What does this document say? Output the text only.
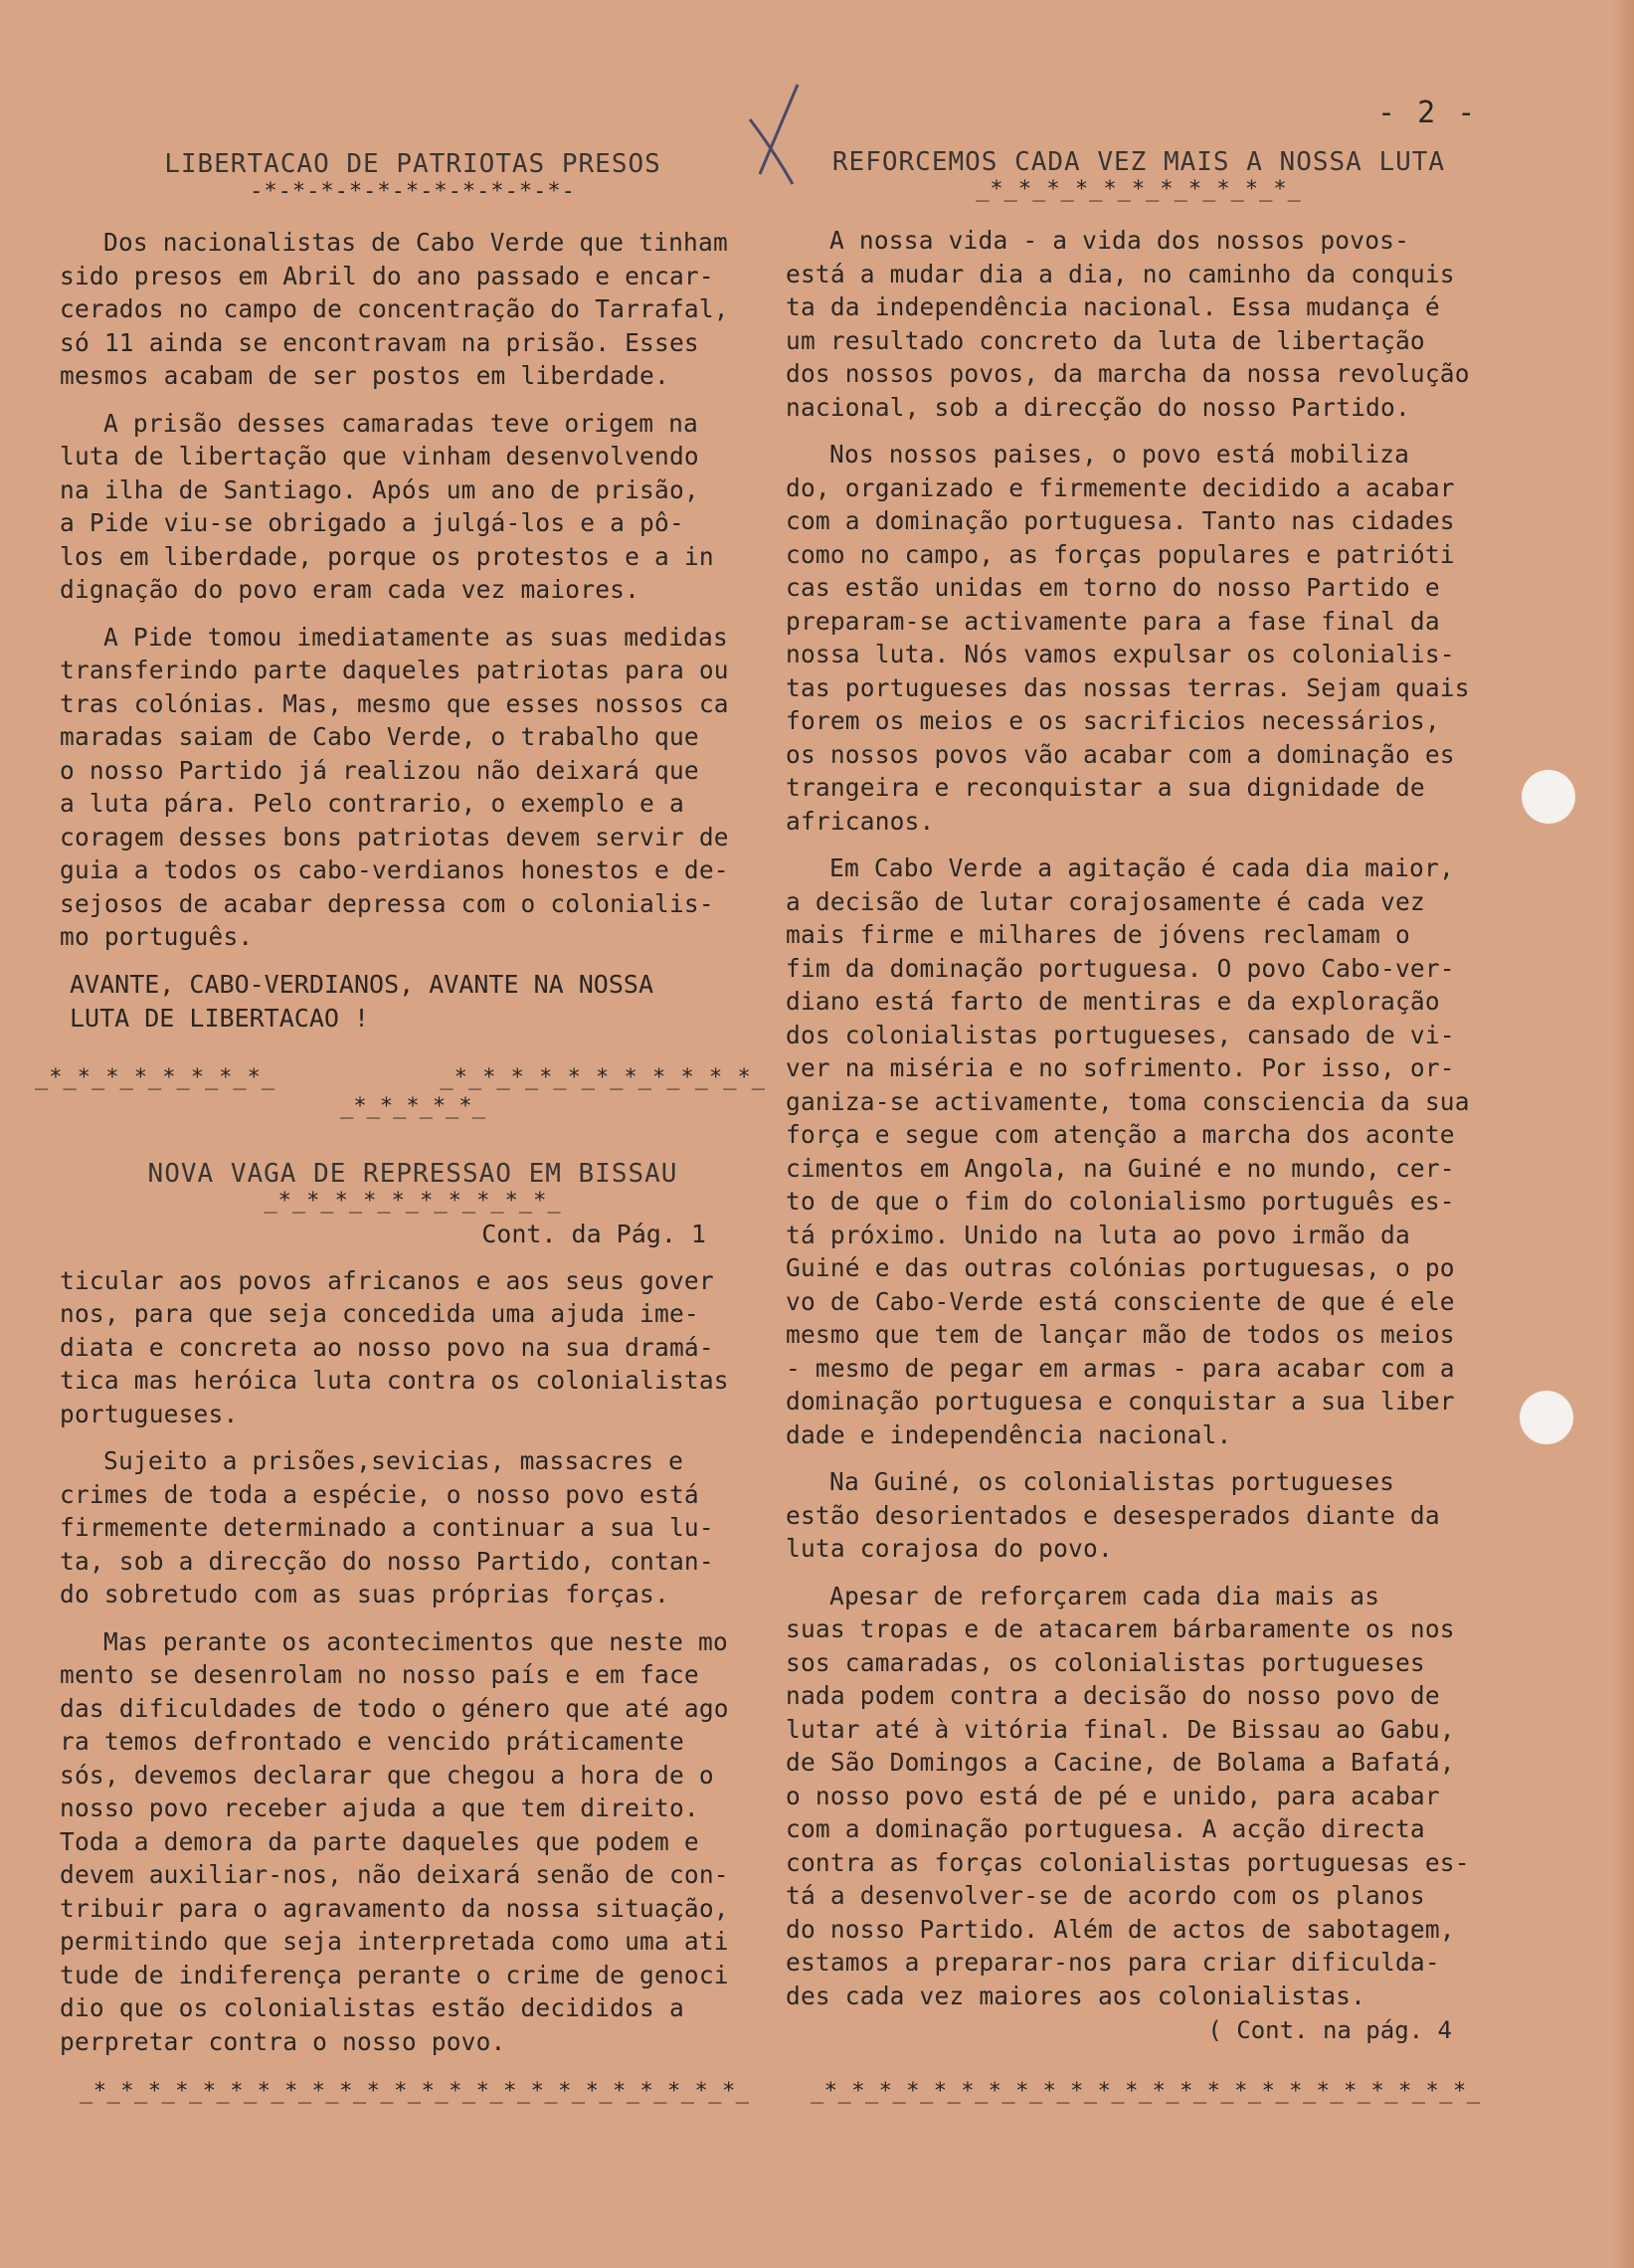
- 2 -
LIBERTACAO DE PATRIOTAS PRESOS

-*-*-*-*-*-*-*-*-*-*-*-

Dos nacionalistas de Cabo Verde que tinham
sido presos em Abril do ano passado e encar-
cerados no campo de concentração do Tarrafal,
só 11 ainda se encontravam na prisão. Esses
mesmos acabam de ser postos em liberdade.

A prisão desses camaradas teve origem na
luta de libertação que vinham desenvolvendo
na ilha de Santiago. Após um ano de prisão,
a Pide viu-se obrigado a julgá-los e a pô-
los em liberdade, porque os protestos e a in
dignação do povo eram cada vez maiores.

A Pide tomou imediatamente as suas medidas
transferindo parte daqueles patriotas para ou
tras colónias. Mas, mesmo que esses nossos ca
maradas saiam de Cabo Verde, o trabalho que
o nosso Partido já realizou não deixará que
a luta pára. Pelo contrario, o exemplo e a
coragem desses bons patriotas devem servir de
guia a todos os cabo-verdianos honestos e de-
sejosos de acabar depressa com o colonialis-
mo português.

AVANTE, CABO-VERDIANOS, AVANTE NA NOSSA
LUTA DE LIBERTACAO !

_*_*_*_*_*_*_*_*_	_*_*_*_*_*_*_*_*_*_*_*_

_*_*_*_*_*_

NOVA VAGA DE REPRESSAO EM BISSAU

_*_*_*_*_*_*_*_*_*_*_

Cont. da Pág. 1

ticular aos povos africanos e aos seus gover
nos, para que seja concedida uma ajuda ime-
diata e concreta ao nosso povo na sua dramá-
tica mas heróica luta contra os colonialistas
portugueses.

Sujeito a prisões,sevicias, massacres e
crimes de toda a espécie, o nosso povo está
firmemente determinado a continuar a sua lu-
ta, sob a direcção do nosso Partido, contan-
do sobretudo com as suas próprias forças.

Mas perante os acontecimentos que neste mo
mento se desenrolam no nosso país e em face
das dificuldades de todo o género que até ago
ra temos defrontado e vencido práticamente
sós, devemos declarar que chegou a hora de o
nosso povo receber ajuda a que tem direito.
Toda a demora da parte daqueles que podem e
devem auxiliar-nos, não deixará senão de con-
tribuir para o agravamento da nossa situação,
permitindo que seja interpretada como uma ati
tude de indiferença perante o crime de genoci
dio que os colonialistas estão decididos a
perpretar contra o nosso povo.

_*_*_*_*_*_*_*_*_*_*_*_*_*_*_*_*_*_*_*_*_*_*_*_*_
REFORCEMOS CADA VEZ MAIS A NOSSA LUTA

_*_*_*_*_*_*_*_*_*_*_*_

A nossa vida - a vida dos nossos povos-
está a mudar dia a dia, no caminho da conquis
ta da independência nacional. Essa mudança é
um resultado concreto da luta de libertação
dos nossos povos, da marcha da nossa revolução
nacional, sob a direcção do nosso Partido.

Nos nossos paises, o povo está mobiliza
do, organizado e firmemente decidido a acabar
com a dominação portuguesa. Tanto nas cidades
como no campo, as forças populares e patrióti
cas estão unidas em torno do nosso Partido e
preparam-se activamente para a fase final da
nossa luta. Nós vamos expulsar os colonialis-
tas portugueses das nossas terras. Sejam quais
forem os meios e os sacrificios necessários,
os nossos povos vão acabar com a dominação es
trangeira e reconquistar a sua dignidade de
africanos.

Em Cabo Verde a agitação é cada dia maior,
a decisão de lutar corajosamente é cada vez
mais firme e milhares de jóvens reclamam o
fim da dominação portuguesa. O povo Cabo-ver-
diano está farto de mentiras e da exploração
dos colonialistas portugueses, cansado de vi-
ver na miséria e no sofrimento. Por isso, or-
ganiza-se activamente, toma consciencia da sua
força e segue com atenção a marcha dos aconte
cimentos em Angola, na Guiné e no mundo, cer-
to de que o fim do colonialismo português es-
tá próximo. Unido na luta ao povo irmão da
Guiné e das outras colónias portuguesas, o po
vo de Cabo-Verde está consciente de que é ele
mesmo que tem de lançar mão de todos os meios
- mesmo de pegar em armas - para acabar com a
dominação portuguesa e conquistar a sua liber
dade e independência nacional.

Na Guiné, os colonialistas portugueses
estão desorientados e desesperados diante da
luta corajosa do povo.

Apesar de reforçarem cada dia mais as
suas tropas e de atacarem bárbaramente os nos
sos camaradas, os colonialistas portugueses
nada podem contra a decisão do nosso povo de
lutar até à vitória final. De Bissau ao Gabu,
de São Domingos a Cacine, de Bolama a Bafatá,
o nosso povo está de pé e unido, para acabar
com a dominação portuguesa. A acção directa
contra as forças colonialistas portuguesas es-
tá a desenvolver-se de acordo com os planos
do nosso Partido. Além de actos de sabotagem,
estamos a preparar-nos para criar dificulda-
des cada vez maiores aos colonialistas.

( Cont. na pág. 4

_*_*_*_*_*_*_*_*_*_*_*_*_*_*_*_*_*_*_*_*_*_*_*_*_
